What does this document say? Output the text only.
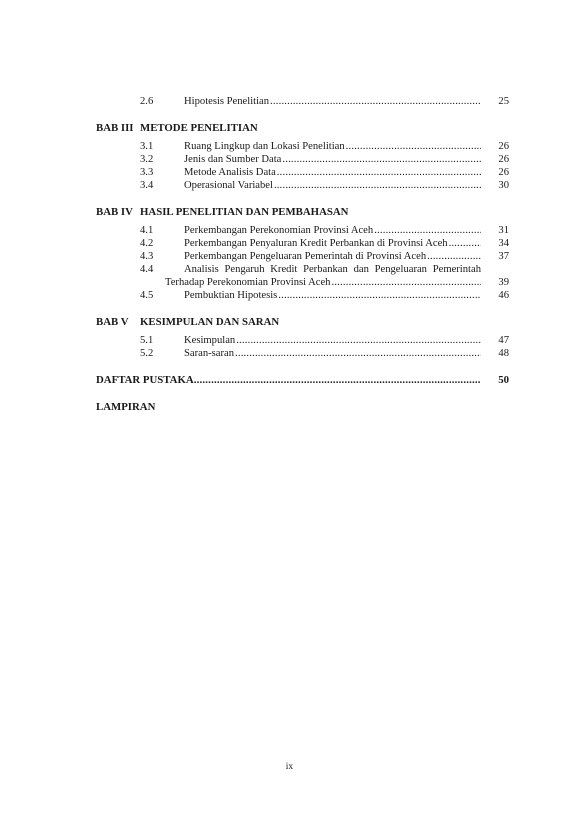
2.6	Hipotesis Penelitian .....	25
BAB III METODE PENELITIAN
3.1	Ruang Lingkup dan Lokasi Penelitian .....	26
3.2	Jenis dan Sumber Data .....	26
3.3	Metode Analisis Data .....	26
3.4	Operasional Variabel .....	30
BAB IV HASIL PENELITIAN DAN PEMBAHASAN
4.1	Perkembangan Perekonomian Provinsi Aceh .....	31
4.2	Perkembangan Penyaluran Kredit Perbankan di Provinsi Aceh .....	34
4.3	Perkembangan Pengeluaran Pemerintah di Provinsi Aceh .....	37
4.4	Analisis Pengaruh Kredit Perbankan dan Pengeluaran Pemerintah
Terhadap Perekonomian Provinsi Aceh .....	39
4.5	Pembuktian Hipotesis .....	46
BAB V KESIMPULAN DAN SARAN
5.1	Kesimpulan .....	47
5.2	Saran-saran .....	48
DAFTAR PUSTAKA .....	50
LAMPIRAN
ix
